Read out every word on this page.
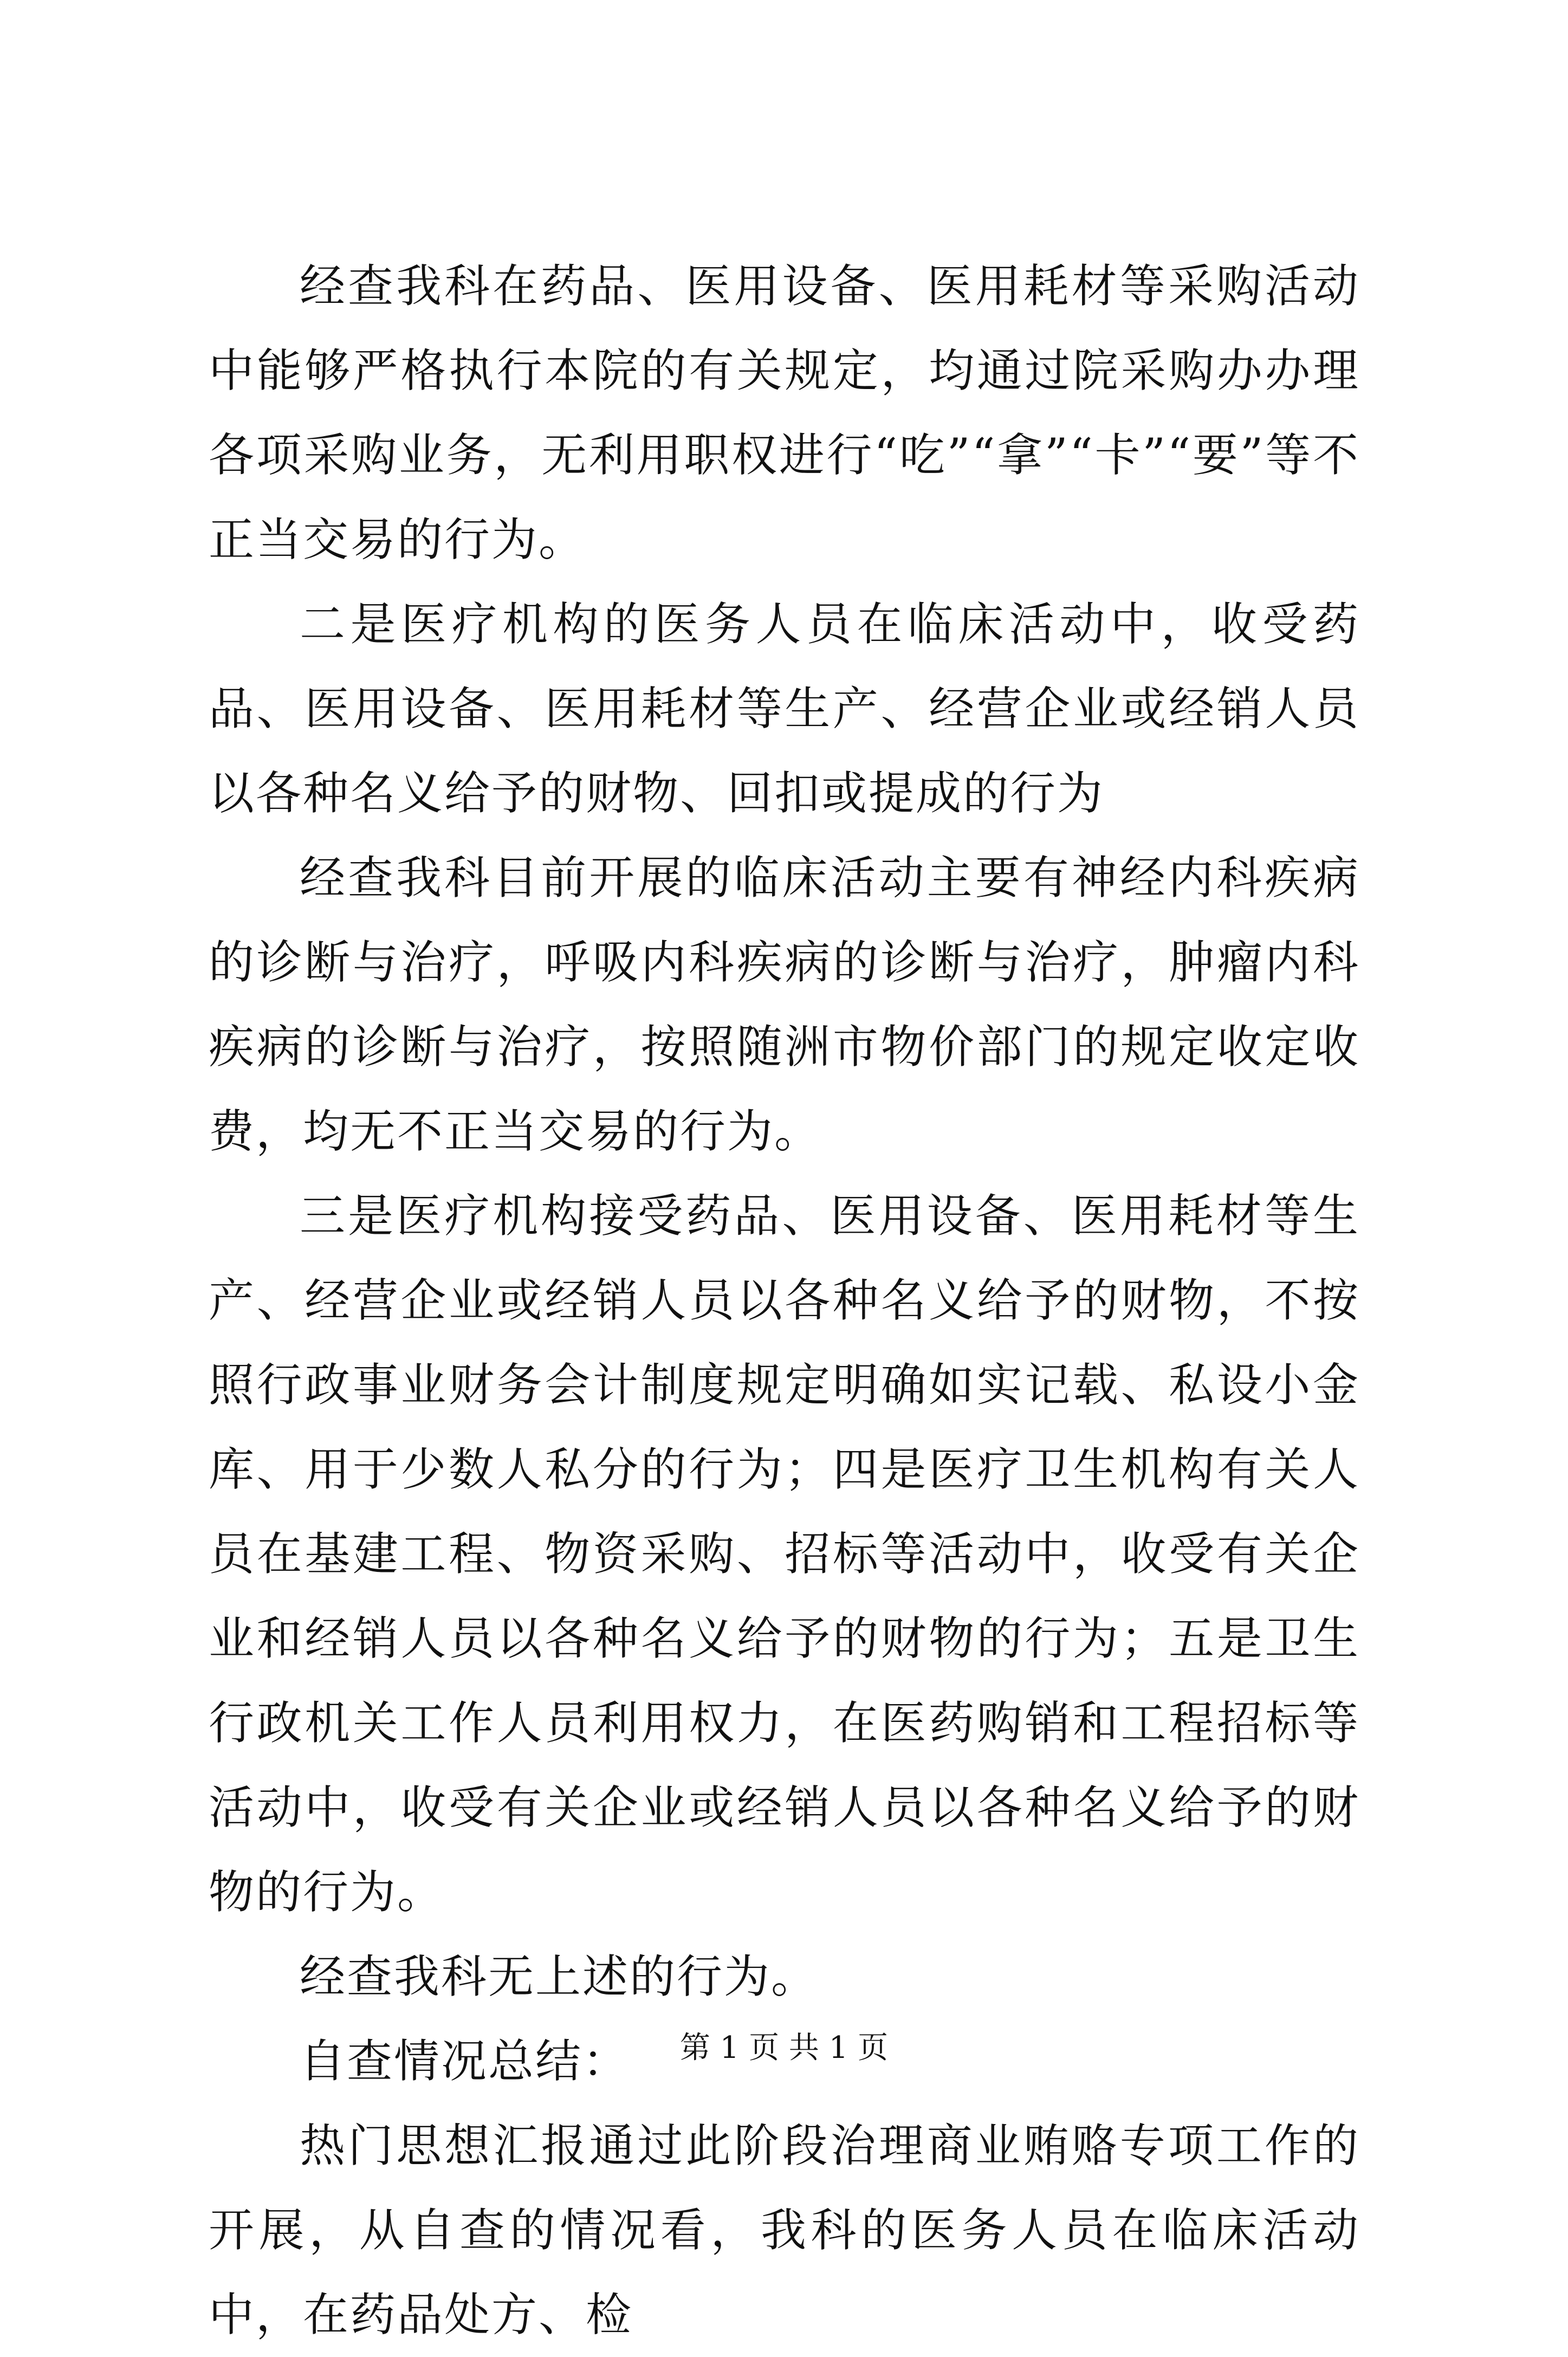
经查我科在药品、医用设备、医用耗材等采购活动中能够严格执行本院的有关规定，均通过院采购办办理各项采购业务，无利用职权进行“吃”“拿”“卡”“要”等不正当交易的行为。

二是医疗机构的医务人员在临床活动中，收受药品、医用设备、医用耗材等生产、经营企业或经销人员以各种名义给予的财物、回扣或提成的行为

经查我科目前开展的临床活动主要有神经内科疾病的诊断与治疗，呼吸内科疾病的诊断与治疗，肿瘤内科疾病的诊断与治疗，按照随洲市物价部门的规定收定收费，均无不正当交易的行为。

三是医疗机构接受药品、医用设备、医用耗材等生产、经营企业或经销人员以各种名义给予的财物，不按照行政事业财务会计制度规定明确如实记载、私设小金库、用于少数人私分的行为；四是医疗卫生机构有关人员在基建工程、物资采购、招标等活动中，收受有关企业和经销人员以各种名义给予的财物的行为；五是卫生行政机关工作人员利用权力，在医药购销和工程招标等活动中，收受有关企业或经销人员以各种名义给予的财物的行为。

经查我科无上述的行为。

自查情况总结：

热门思想汇报通过此阶段治理商业贿赂专项工作的开展，从自查的情况看，我科的医务人员在临床活动中，在药品处方、检

第 1 页 共 1 页
